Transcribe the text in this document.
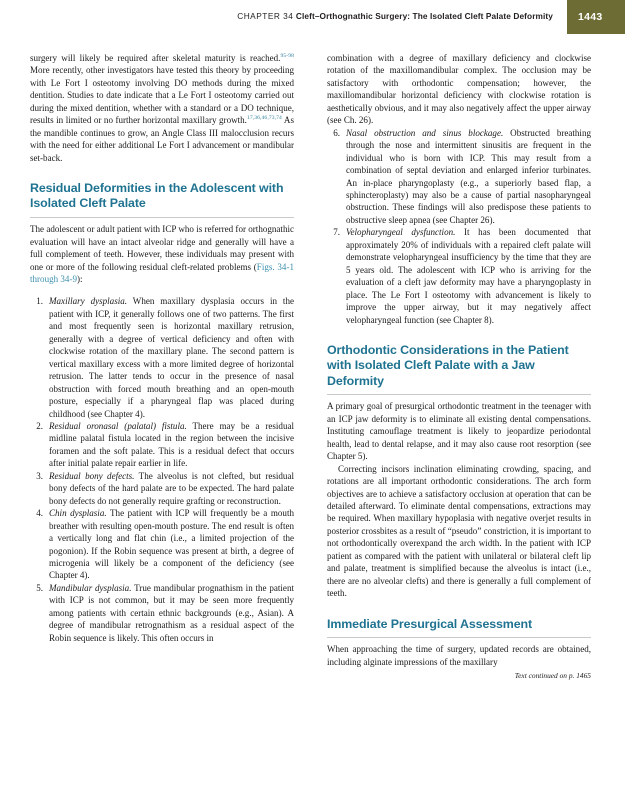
CHAPTER 34 Cleft–Orthognathic Surgery: The Isolated Cleft Palate Deformity 1443

surgery will likely be required after skeletal maturity is reached.$^{95-98}$ More recently, other investigators have tested this theory by proceeding with Le Fort I osteotomy involving DO methods during the mixed dentition. Studies to date indicate that a Le Fort I osteotomy carried out during the mixed dentition, whether with a standard or a DO technique, results in limited or no further horizontal maxillary growth.$^{17,36,46,73,74}$ As the mandible continues to grow, an Angle Class III malocclusion recurs with the need for either additional Le Fort I advancement or mandibular set-back.

Residual Deformities in the Adolescent with Isolated Cleft Palate

The adolescent or adult patient with ICP who is referred for orthognathic evaluation will have an intact alveolar ridge and generally will have a full complement of teeth. However, these individuals may present with one or more of the following residual cleft-related problems (Figs. 34-1 through 34-9):

1. Maxillary dysplasia. When maxillary dysplasia occurs in the patient with ICP, it generally follows one of two patterns. The first and most frequently seen is horizontal maxillary retrusion, generally with a degree of vertical deficiency and often with clockwise rotation of the maxillary plane. The second pattern is vertical maxillary excess with a more limited degree of horizontal retrusion. The latter tends to occur in the presence of nasal obstruction with forced mouth breathing and an open-mouth posture, especially if a pharyngeal flap was placed during childhood (see Chapter 4).
2. Residual oronasal (palatal) fistula. There may be a residual midline palatal fistula located in the region between the incisive foramen and the soft palate. This is a residual defect that occurs after initial palate repair earlier in life.
3. Residual bony defects. The alveolus is not clefted, but residual bony defects of the hard palate are to be expected. The hard palate bony defects do not generally require grafting or reconstruction.
4. Chin dysplasia. The patient with ICP will frequently be a mouth breather with resulting open-mouth posture. The end result is often a vertically long and flat chin (i.e., a limited projection of the pogonion). If the Robin sequence was present at birth, a degree of microgenia will likely be a component of the deficiency (see Chapter 4).
5. Mandibular dysplasia. True mandibular prognathism in the patient with ICP is not common, but it may be seen more frequently among patients with certain ethnic backgrounds (e.g., Asian). A degree of mandibular retrognathism as a residual aspect of the Robin sequence is likely. This often occurs in

combination with a degree of maxillary deficiency and clockwise rotation of the maxillomandibular complex. The occlusion may be satisfactory with orthodontic compensation; however, the maxillomandibular horizontal deficiency with clockwise rotation is aesthetically obvious, and it may also negatively affect the upper airway (see Ch. 26).

6. Nasal obstruction and sinus blockage. Obstructed breathing through the nose and intermittent sinusitis are frequent in the individual who is born with ICP. This may result from a combination of septal deviation and enlarged inferior turbinates. An in-place pharyngoplasty (e.g., a superiorly based flap, a sphincteroplasty) may also be a cause of partial nasopharyngeal obstruction. These findings will also predispose these patients to obstructive sleep apnea (see Chapter 26).
7. Velopharyngeal dysfunction. It has been documented that approximately 20% of individuals with a repaired cleft palate will demonstrate velopharyngeal insufficiency by the time that they are 5 years old. The adolescent with ICP who is arriving for the evaluation of a cleft jaw deformity may have a pharyngoplasty in place. The Le Fort I osteotomy with advancement is likely to improve the upper airway, but it may negatively affect velopharyngeal function (see Chapter 8).
Orthodontic Considerations in the Patient with Isolated Cleft Palate with a Jaw Deformity

A primary goal of presurgical orthodontic treatment in the teenager with an ICP jaw deformity is to eliminate all existing dental compensations. Instituting camouflage treatment is likely to jeopardize periodontal health, lead to dental relapse, and it may also cause root resorption (see Chapter 5).

Correcting incisors inclination eliminating crowding, spacing, and rotations are all important orthodontic considerations. The arch form objectives are to achieve a satisfactory occlusion at operation that can be detailed afterward. To eliminate dental compensations, extractions may be required. When maxillary hypoplasia with negative overjet results in posterior crossbites as a result of “pseudo” constriction, it is important to not orthodontically overexpand the arch width. In the patient with ICP patient as compared with the patient with unilateral or bilateral cleft lip and palate, treatment is simplified because the alveolus is intact (i.e., there are no alveolar clefts) and there is generally a full complement of teeth.

Immediate Presurgical Assessment

When approaching the time of surgery, updated records are obtained, including alginate impressions of the maxillary

Text continued on p. 1465
